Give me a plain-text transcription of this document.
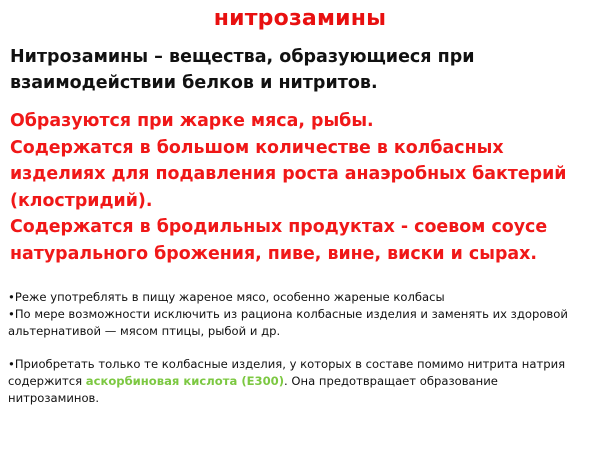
нитрозамины
Нитрозамины – вещества, образующиеся при взаимодействии белков и нитритов.

Образуются при жарке мяса, рыбы.

Содержатся в большом количестве в колбасных изделиях для подавления роста анаэробных бактерий (клостридий).

Содержатся в бродильных продуктах - соевом соусе натурального брожения, пиве, вине, виски и сырах.

•Реже употреблять в пищу жареное мясо, особенно жареные колбасы

•По мере возможности исключить из рациона колбасные изделия и заменять их здоровой альтернативой — мясом птицы, рыбой и др.

•Приобретать только те колбасные изделия, у которых в составе помимо нитрита натрия содержится аскорбиновая кислота (Е300). Она предотвращает образование нитрозаминов.
